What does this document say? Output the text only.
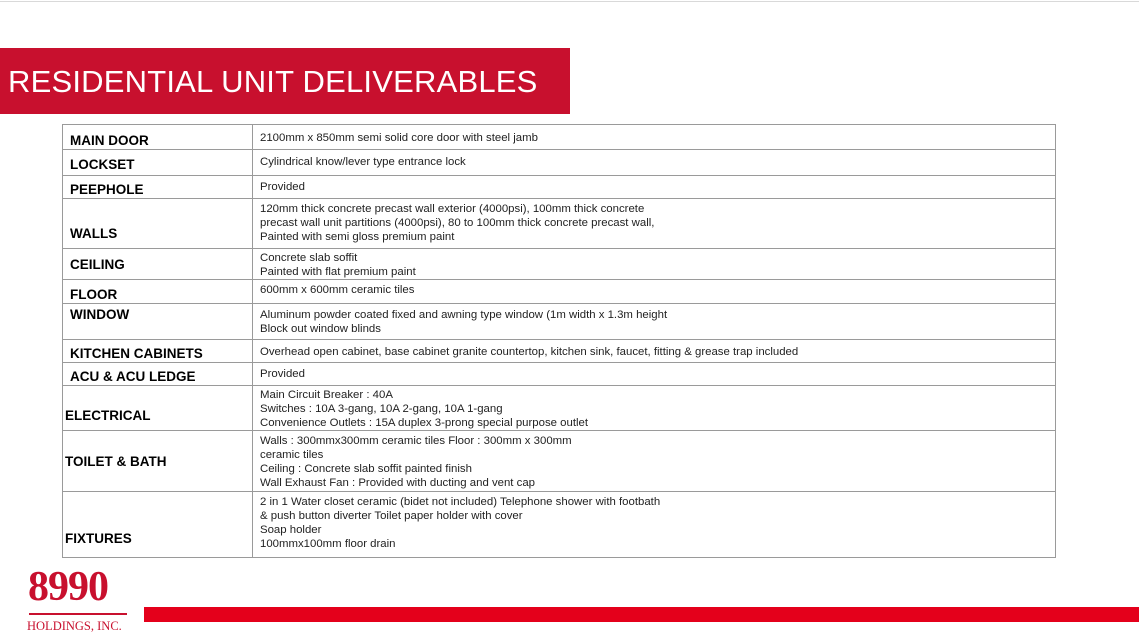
RESIDENTIAL UNIT DELIVERABLES
MAIN DOOR	2100mm x 850mm semi solid core door with steel jamb

LOCKSET	Cylindrical know/lever type entrance lock

PEEPHOLE	Provided

WALLS	120mm thick concrete precast wall exterior (4000psi), 100mm thick concrete
precast wall unit partitions (4000psi), 80 to 100mm thick concrete precast wall,
Painted with semi gloss premium paint

CEILING	Concrete slab soffit
Painted with flat premium paint

FLOOR	600mm x 600mm ceramic tiles

WINDOW	Aluminum powder coated fixed and awning type window (1m width x 1.3m height
Block out window blinds

KITCHEN CABINETS	Overhead open cabinet, base cabinet granite countertop, kitchen sink, faucet, fitting & grease trap included

ACU & ACU LEDGE	Provided

ELECTRICAL	Main Circuit Breaker : 40A
Switches : 10A 3-gang, 10A 2-gang, 10A 1-gang
Convenience Outlets : 15A duplex 3-prong special purpose outlet

TOILET & BATH	Walls : 300mmx300mm ceramic tiles Floor : 300mm x 300mm
ceramic tiles
Ceiling : Concrete slab soffit painted finish
Wall Exhaust Fan : Provided with ducting and vent cap

FIXTURES	2 in 1 Water closet ceramic (bidet not included) Telephone shower with footbath
& push button diverter Toilet paper holder with cover
Soap holder
100mmx100mm floor drain
8990
HOLDINGS, INC.
